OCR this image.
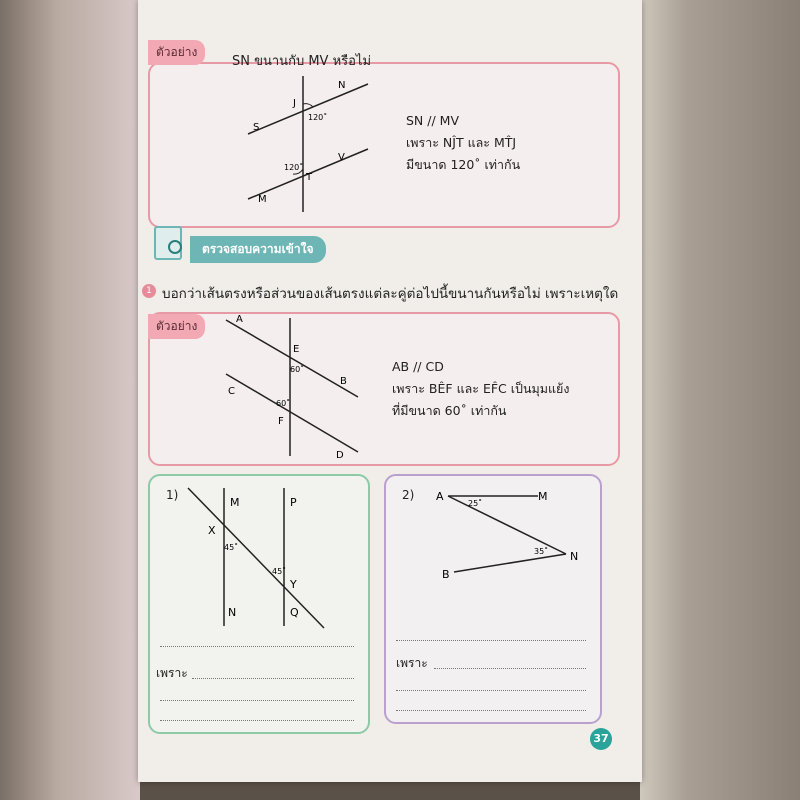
ตัวอย่าง
SN ขนานกับ MV หรือไม่
120˚
120˚
N
J
S
V
T
M
SN // MV
เพราะ NĴT และ MT̂J
มีขนาด 120˚ เท่ากัน
ตรวจสอบความเข้าใจ
1 บอกว่าเส้นตรงหรือส่วนของเส้นตรงแต่ละคู่ต่อไปนี้ขนานกันหรือไม่ เพราะเหตุใด
ตัวอย่าง	A
E
B
C
F
D
60˚
60˚
AB // CD
เพราะ BÊF และ EF̂C เป็นมุมแย้ง
ที่มีขนาด 60˚ เท่ากัน
1)
M	P
X
Y
N	Q
45˚
45˚
เพราะ
2) A	M
N
B
25˚
35˚
เพราะ
37
